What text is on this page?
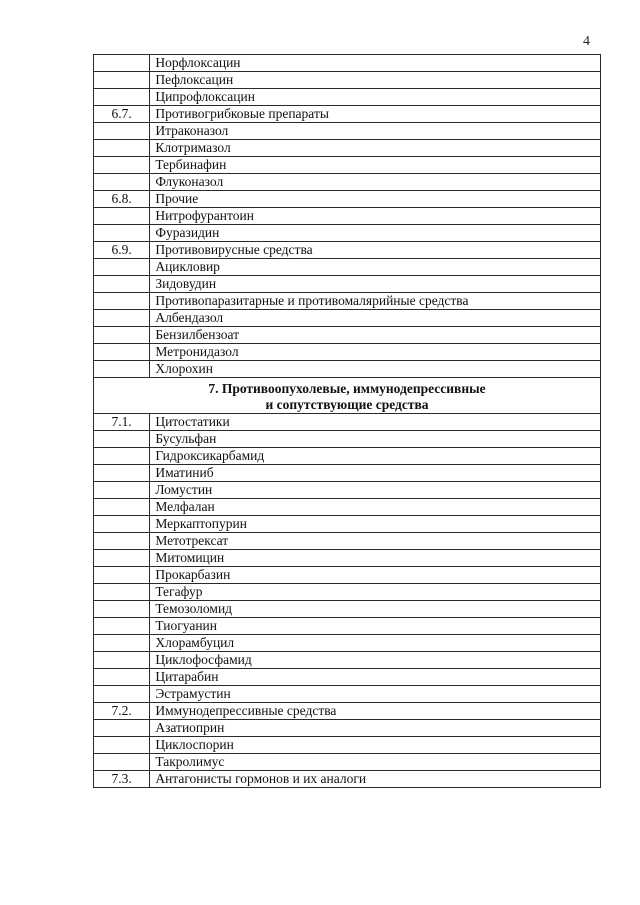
4
	Норфлоксацин
	Пефлоксацин
	Ципрофлоксацин
6.7.	Противогрибковые препараты
	Итраконазол
	Клотримазол
	Тербинафин
	Флуконазол
6.8.	Прочие
	Нитрофурантоин
	Фуразидин
6.9.	Противовирусные средства
	Ацикловир
	Зидовудин
	Противопаразитарные и противомалярийные средства
	Албендазол
	Бензилбензоат
	Метронидазол
	Хлорохин

7. Противоопухолевые, иммунодепрессивные
и сопутствующие средства	

7.1.	Цитостатики
	Бусульфан
	Гидроксикарбамид
	Иматиниб
	Ломустин
	Мелфалан
	Меркаптопурин
	Метотрексат
	Митомицин
	Прокарбазин
	Тегафур
	Темозоломид
	Тиогуанин
	Хлорамбуцил
	Циклофосфамид
	Цитарабин
	Эстрамустин
7.2.	Иммунодепрессивные средства
	Азатиоприн
	Циклоспорин
	Такролимус
7.3.	Антагонисты гормонов и их аналоги
